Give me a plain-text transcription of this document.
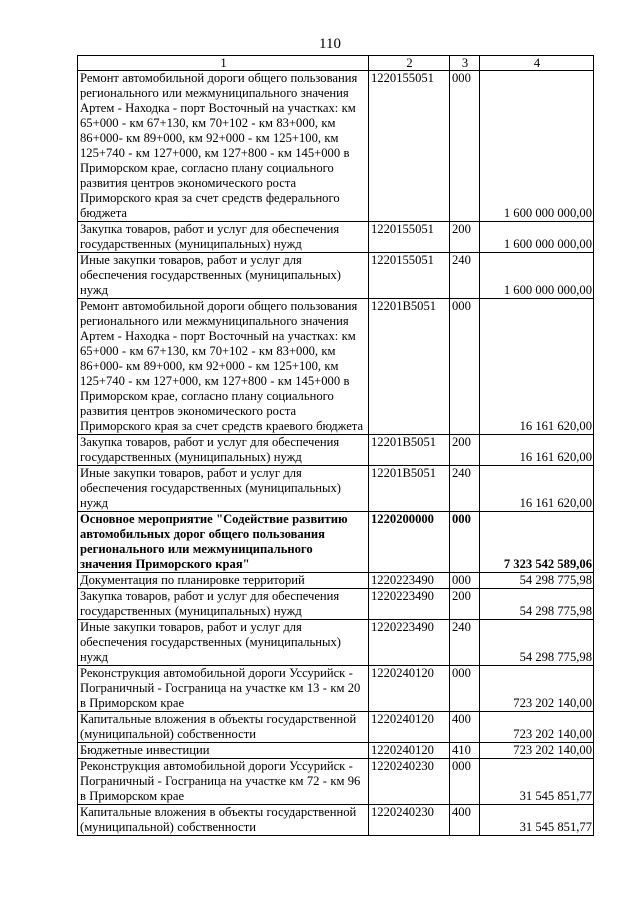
110
1	2	3	4
Ремонт автомобильной дороги общего пользования регионального или межмуниципального значения Артем - Находка - порт Восточный на участках: км 65+000 - км 67+130, км 70+102 - км 83+000, км 86+000- км 89+000, км 92+000 - км 125+100, км 125+740 - км 127+000, км 127+800 - км 145+000 в Приморском крае, согласно плану социального развития центров экономического роста Приморского края за счет средств федерального бюджета	1220155051	000	1 600 000 000,00
Закупка товаров, работ и услуг для обеспечения государственных (муниципальных) нужд	1220155051	200	1 600 000 000,00
Иные закупки товаров, работ и услуг для обеспечения государственных (муниципальных) нужд	1220155051	240	1 600 000 000,00
Ремонт автомобильной дороги общего пользования регионального или межмуниципального значения Артем - Находка - порт Восточный на участках: км 65+000 - км 67+130, км 70+102 - км 83+000, км 86+000- км 89+000, км 92+000 - км 125+100, км 125+740 - км 127+000, км 127+800 - км 145+000 в Приморском крае, согласно плану социального развития центров экономического роста Приморского края за счет средств краевого бюджета	12201B5051	000	16 161 620,00
Закупка товаров, работ и услуг для обеспечения государственных (муниципальных) нужд	12201B5051	200	16 161 620,00
Иные закупки товаров, работ и услуг для обеспечения государственных (муниципальных) нужд	12201B5051	240	16 161 620,00
Основное мероприятие "Содействие развитию автомобильных дорог общего пользования регионального или межмуниципального значения Приморского края"	1220200000	000	7 323 542 589,06
Документация по планировке территорий	1220223490	000	54 298 775,98
Закупка товаров, работ и услуг для обеспечения государственных (муниципальных) нужд	1220223490	200	54 298 775,98
Иные закупки товаров, работ и услуг для обеспечения государственных (муниципальных) нужд	1220223490	240	54 298 775,98
Реконструкция автомобильной дороги Уссурийск - Пограничный - Госграница на участке км 13 - км 20 в Приморском крае	1220240120	000	723 202 140,00
Капитальные вложения в объекты государственной (муниципальной) собственности	1220240120	400	723 202 140,00
Бюджетные инвестиции	1220240120	410	723 202 140,00
Реконструкция автомобильной дороги Уссурийск - Пограничный - Госграница на участке км 72 - км 96 в Приморском крае	1220240230	000	31 545 851,77
Капитальные вложения в объекты государственной (муниципальной) собственности	1220240230	400	31 545 851,77
